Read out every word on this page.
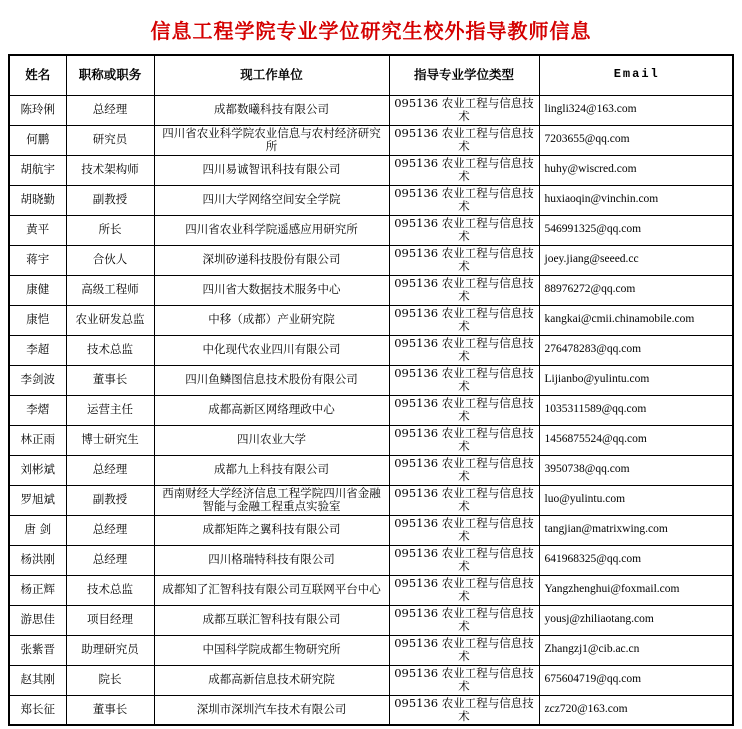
信息工程学院专业学位研究生校外指导教师信息
姓名	职称或职务	现工作单位	指导专业学位类型	Email
陈玲俐	总经理	成都数曦科技有限公司	095136 农业工程与信息技术	lingli324@163.com
何鹏	研究员	四川省农业科学院农业信息与农村经济研究所	095136 农业工程与信息技术	7203655@qq.com
胡航宇	技术架构师	四川易诚智讯科技有限公司	095136 农业工程与信息技术	huhy@wiscred.com
胡晓勤	副教授	四川大学网络空间安全学院	095136 农业工程与信息技术	huxiaoqin@vinchin.com
黄平	所长	四川省农业科学院遥感应用研究所	095136 农业工程与信息技术	546991325@qq.com
蒋宇	合伙人	深圳矽递科技股份有限公司	095136 农业工程与信息技术	joey.jiang@seeed.cc
康健	高级工程师	四川省大数据技术服务中心	095136 农业工程与信息技术	88976272@qq.com
康恺	农业研发总监	中移（成都）产业研究院	095136 农业工程与信息技术	kangkai@cmii.chinamobile.com
李超	技术总监	中化现代农业四川有限公司	095136 农业工程与信息技术	276478283@qq.com
李剑波	董事长	四川鱼鳞图信息技术股份有限公司	095136 农业工程与信息技术	Lijianbo@yulintu.com
李熠	运营主任	成都高新区网络理政中心	095136 农业工程与信息技术	1035311589@qq.com
林正雨	博士研究生	四川农业大学	095136 农业工程与信息技术	1456875524@qq.com
刘彬斌	总经理	成都九上科技有限公司	095136 农业工程与信息技术	3950738@qq.com
罗旭斌	副教授	西南财经大学经济信息工程学院四川省金融智能与金融工程重点实验室	095136 农业工程与信息技术	luo@yulintu.com
唐 剑	总经理	成都矩阵之翼科技有限公司	095136 农业工程与信息技术	tangjian@matrixwing.com
杨洪刚	总经理	四川格瑞特科技有限公司	095136 农业工程与信息技术	641968325@qq.com
杨正辉	技术总监	成都知了汇智科技有限公司互联网平台中心	095136 农业工程与信息技术	Yangzhenghui@foxmail.com
游思佳	项目经理	成都互联汇智科技有限公司	095136 农业工程与信息技术	yousj@zhiliaotang.com
张紫晋	助理研究员	中国科学院成都生物研究所	095136 农业工程与信息技术	Zhangzj1@cib.ac.cn
赵其刚	院长	成都高新信息技术研究院	095136 农业工程与信息技术	675604719@qq.com
郑长征	董事长	深圳市深圳汽车技术有限公司	095136 农业工程与信息技术	zcz720@163.com
